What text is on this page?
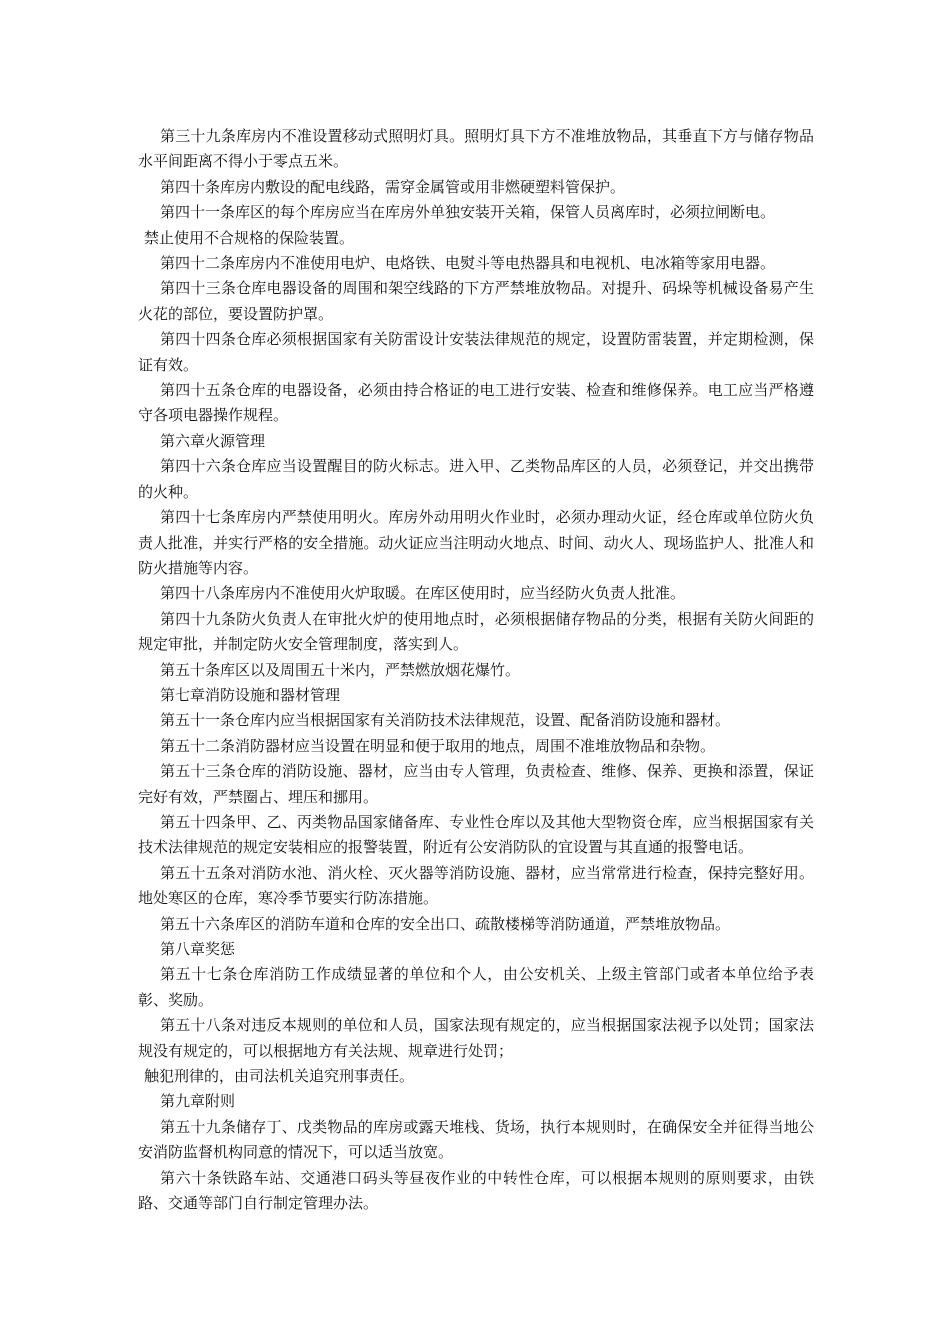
第三十九条库房内不准设置移动式照明灯具。照明灯具下方不准堆放物品，其垂直下方与储存物品水平间距离不得小于零点五米。

第四十条库房内敷设的配电线路，需穿金属管或用非燃硬塑料管保护。

第四十一条库区的每个库房应当在库房外单独安装开关箱，保管人员离库时，必须拉闸断电。

禁止使用不合规格的保险装置。

第四十二条库房内不准使用电炉、电烙铁、电熨斗等电热器具和电视机、电冰箱等家用电器。

第四十三条仓库电器设备的周围和架空线路的下方严禁堆放物品。对提升、码垛等机械设备易产生火花的部位，要设置防护罩。

第四十四条仓库必须根据国家有关防雷设计安装法律规范的规定，设置防雷装置，并定期检测，保证有效。

第四十五条仓库的电器设备，必须由持合格证的电工进行安装、检查和维修保养。电工应当严格遵守各项电器操作规程。

第六章火源管理

第四十六条仓库应当设置醒目的防火标志。进入甲、乙类物品库区的人员，必须登记，并交出携带的火种。

第四十七条库房内严禁使用明火。库房外动用明火作业时，必须办理动火证，经仓库或单位防火负责人批准，并实行严格的安全措施。动火证应当注明动火地点、时间、动火人、现场监护人、批准人和防火措施等内容。

第四十八条库房内不准使用火炉取暖。在库区使用时，应当经防火负责人批准。

第四十九条防火负责人在审批火炉的使用地点时，必须根据储存物品的分类，根据有关防火间距的规定审批，并制定防火安全管理制度，落实到人。

第五十条库区以及周围五十米内，严禁燃放烟花爆竹。

第七章消防设施和器材管理

第五十一条仓库内应当根据国家有关消防技术法律规范，设置、配备消防设施和器材。

第五十二条消防器材应当设置在明显和便于取用的地点，周围不准堆放物品和杂物。

第五十三条仓库的消防设施、器材，应当由专人管理，负责检查、维修、保养、更换和添置，保证完好有效，严禁圈占、埋压和挪用。

第五十四条甲、乙、丙类物品国家储备库、专业性仓库以及其他大型物资仓库，应当根据国家有关技术法律规范的规定安装相应的报警装置，附近有公安消防队的宜设置与其直通的报警电话。

第五十五条对消防水池、消火栓、灭火器等消防设施、器材，应当常常进行检查，保持完整好用。地处寒区的仓库，寒冷季节要实行防冻措施。

第五十六条库区的消防车道和仓库的安全出口、疏散楼梯等消防通道，严禁堆放物品。

第八章奖惩

第五十七条仓库消防工作成绩显著的单位和个人，由公安机关、上级主管部门或者本单位给予表彰、奖励。

第五十八条对违反本规则的单位和人员，国家法现有规定的，应当根据国家法视予以处罚；国家法规没有规定的，可以根据地方有关法规、规章进行处罚；

触犯刑律的，由司法机关追究刑事责任。

第九章附则

第五十九条储存丁、戊类物品的库房或露天堆栈、货场，执行本规则时，在确保安全并征得当地公安消防监督机构同意的情况下，可以适当放宽。

第六十条铁路车站、交通港口码头等昼夜作业的中转性仓库，可以根据本规则的原则要求，由铁路、交通等部门自行制定管理办法。
